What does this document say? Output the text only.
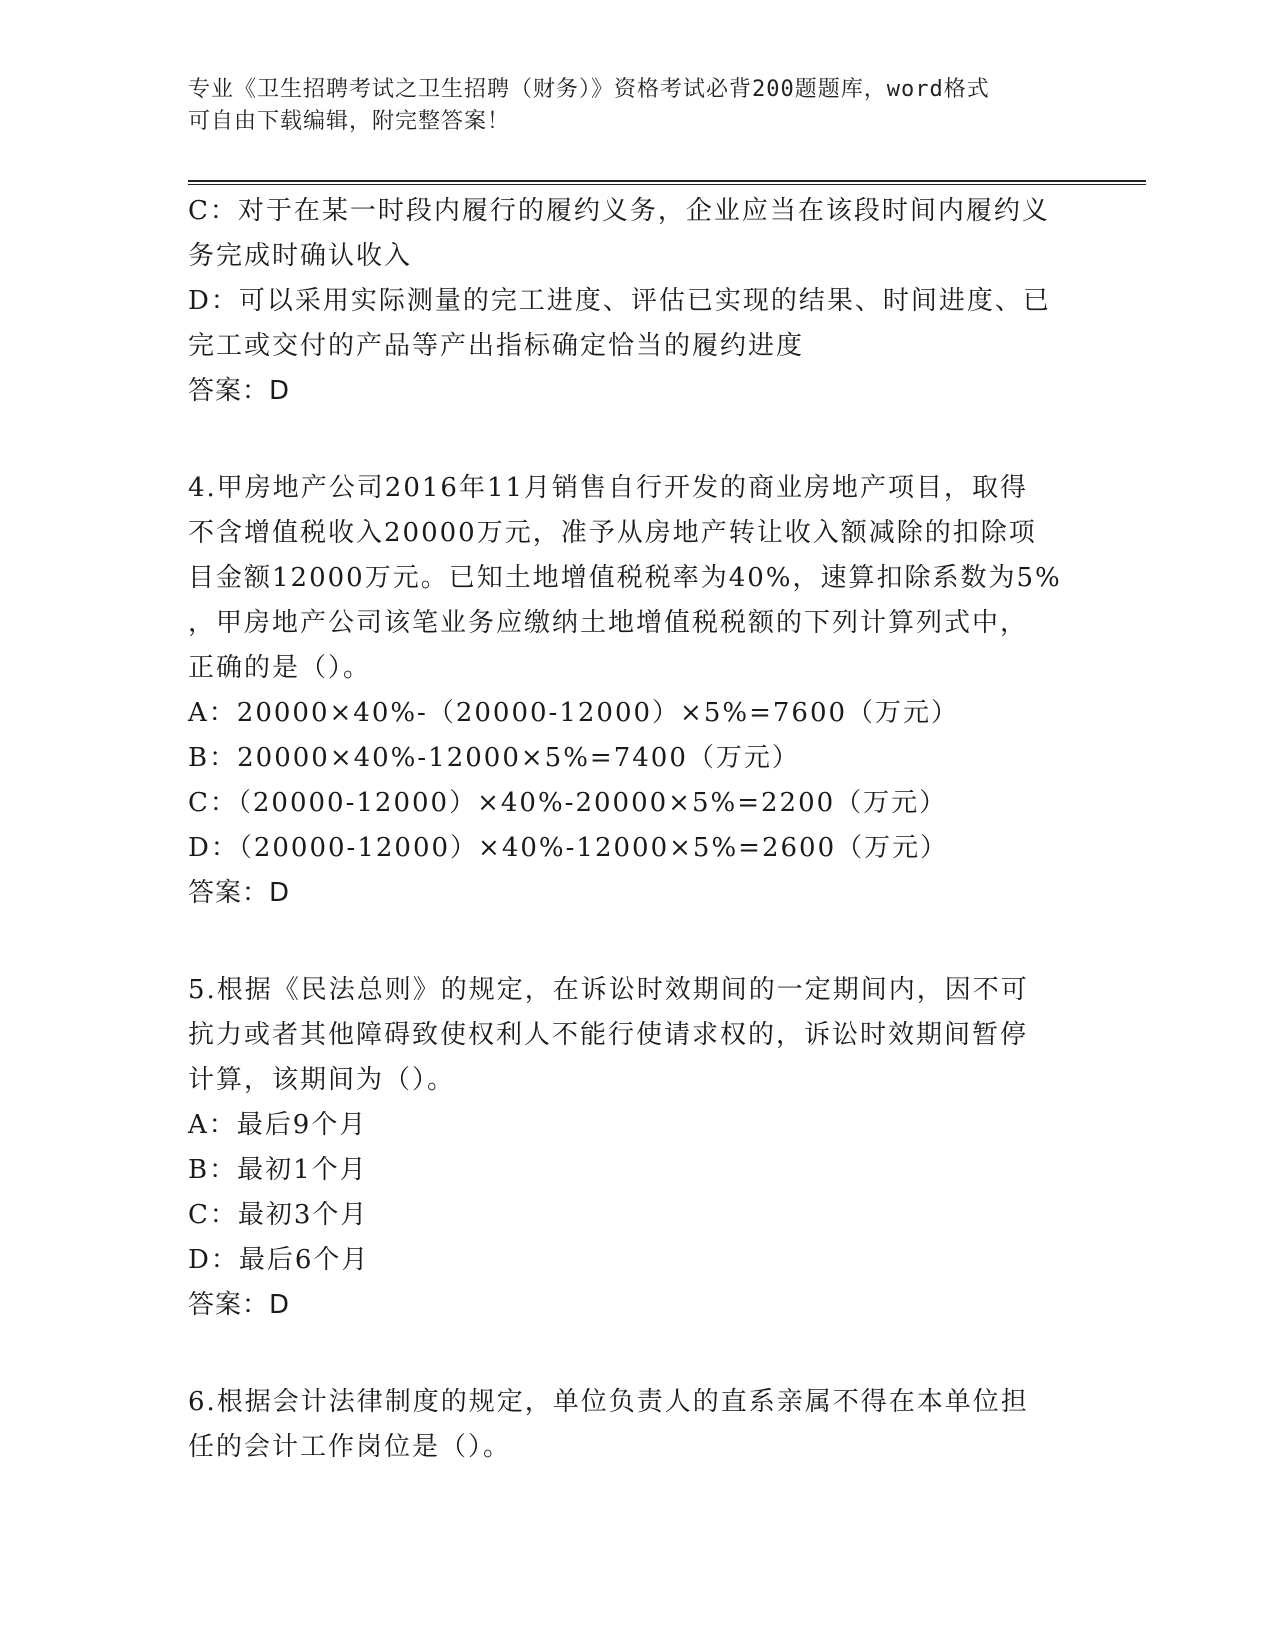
专业《卫生招聘考试之卫生招聘（财务）》资格考试必背200题题库，word格式
可自由下载编辑，附完整答案！
C：对于在某一时段内履行的履约义务，企业应当在该段时间内履约义
务完成时确认收入
D：可以采用实际测量的完工进度、评估已实现的结果、时间进度、已
完工或交付的产品等产出指标确定恰当的履约进度
答案：D
4.甲房地产公司2016年11月销售自行开发的商业房地产项目，取得
不含增值税收入20000万元，准予从房地产转让收入额减除的扣除项
目金额12000万元。已知土地增值税税率为40%，速算扣除系数为5%
，甲房地产公司该笔业务应缴纳土地增值税税额的下列计算列式中，
正确的是（）。
A：20000×40%-（20000-12000）×5%=7600（万元）
B：20000×40%-12000×5%=7400（万元）
C：（20000-12000）×40%-20000×5%=2200（万元）
D：（20000-12000）×40%-12000×5%=2600（万元）
答案：D
5.根据《民法总则》的规定，在诉讼时效期间的一定期间内，因不可
抗力或者其他障碍致使权利人不能行使请求权的，诉讼时效期间暂停
计算，该期间为（）。
A：最后9个月
B：最初1个月
C：最初3个月
D：最后6个月
答案：D
6.根据会计法律制度的规定，单位负责人的直系亲属不得在本单位担
任的会计工作岗位是（）。
